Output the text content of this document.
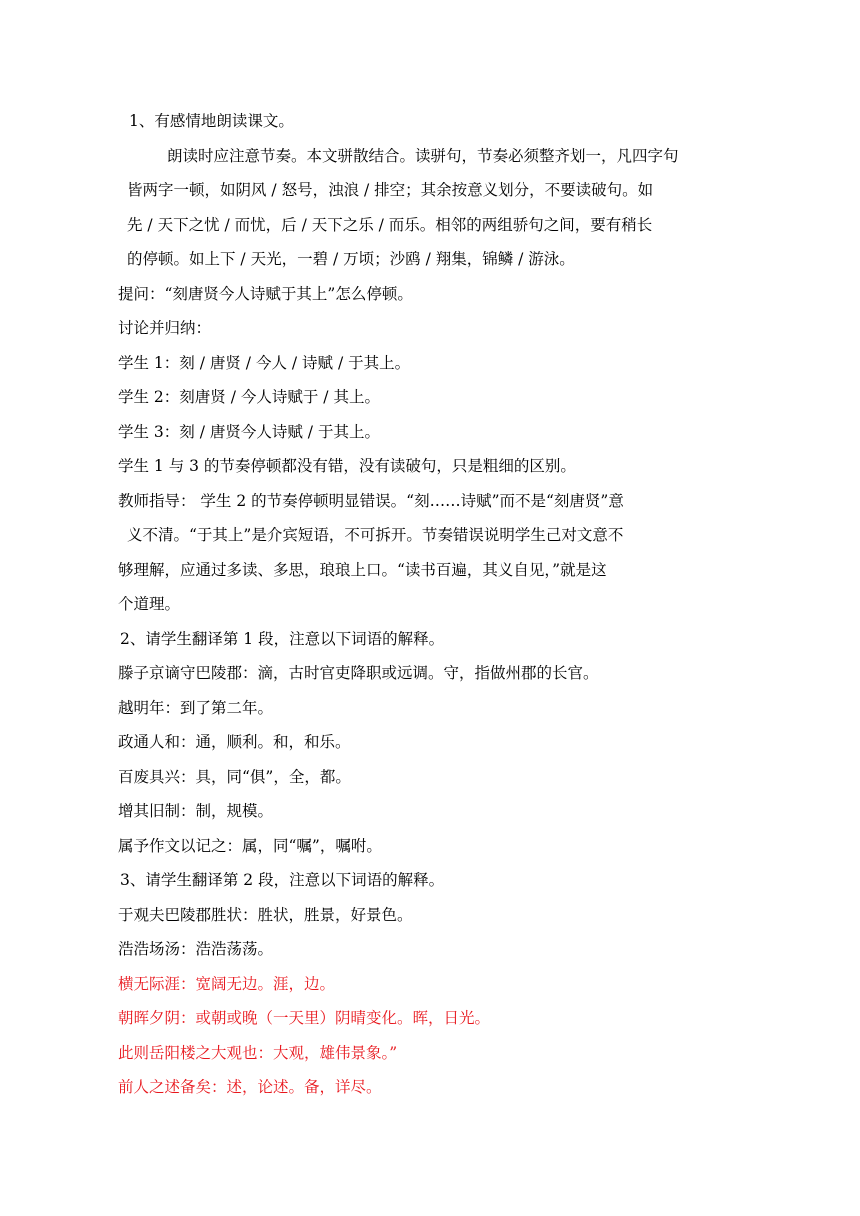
1、有感情地朗读课文。
朗读时应注意节奏。本文骈散结合。读骈句，节奏必须整齐划一，凡四字句
皆两字一顿，如阴风 / 怒号，浊浪 / 排空；其余按意义划分，不要读破句。如
先 / 天下之忧 / 而忧，后 / 天下之乐 / 而乐。相邻的两组骄句之间，要有稍长
的停顿。如上下 / 天光，一碧 / 万顷；沙鸥 / 翔集，锦鳞 / 游泳。
提问：“刻唐贤今人诗赋于其上”怎么停顿。
讨论并归纳：
学生 1：刻 / 唐贤 / 今人 / 诗赋 / 于其上。
学生 2：刻唐贤 / 今人诗赋于 / 其上。
学生 3：刻 / 唐贤今人诗赋 / 于其上。
学生 1 与 3 的节奏停顿都没有错，没有读破句，只是粗细的区别。
教师指导： 学生 2 的节奏停顿明显错误。“刻……诗赋”而不是“刻唐贤”意
义不清。“于其上”是介宾短语，不可拆开。节奏错误说明学生己对文意不
够理解，应通过多读、多思，琅琅上口。“读书百遍，其义自见，”就是这
个道理。
2、请学生翻译第 1 段，注意以下词语的解释。
滕子京谪守巴陵郡：滴，古时官吏降职或远调。守，指做州郡的长官。
越明年：到了第二年。
政通人和：通，顺利。和，和乐。
百废具兴：具，同“俱”，全，都。
增其旧制：制，规模。
属予作文以记之：属，同“嘱”，嘱咐。
3、请学生翻译第 2 段，注意以下词语的解释。
于观夫巴陵郡胜状：胜状，胜景，好景色。
浩浩场汤：浩浩荡荡。
横无际涯：宽阔无边。涯，边。
朝晖夕阴：或朝或晚（一天里）阴晴变化。晖，日光。
此则岳阳楼之大观也：大观，雄伟景象。”
前人之述备矣：述，论述。备，详尽。
